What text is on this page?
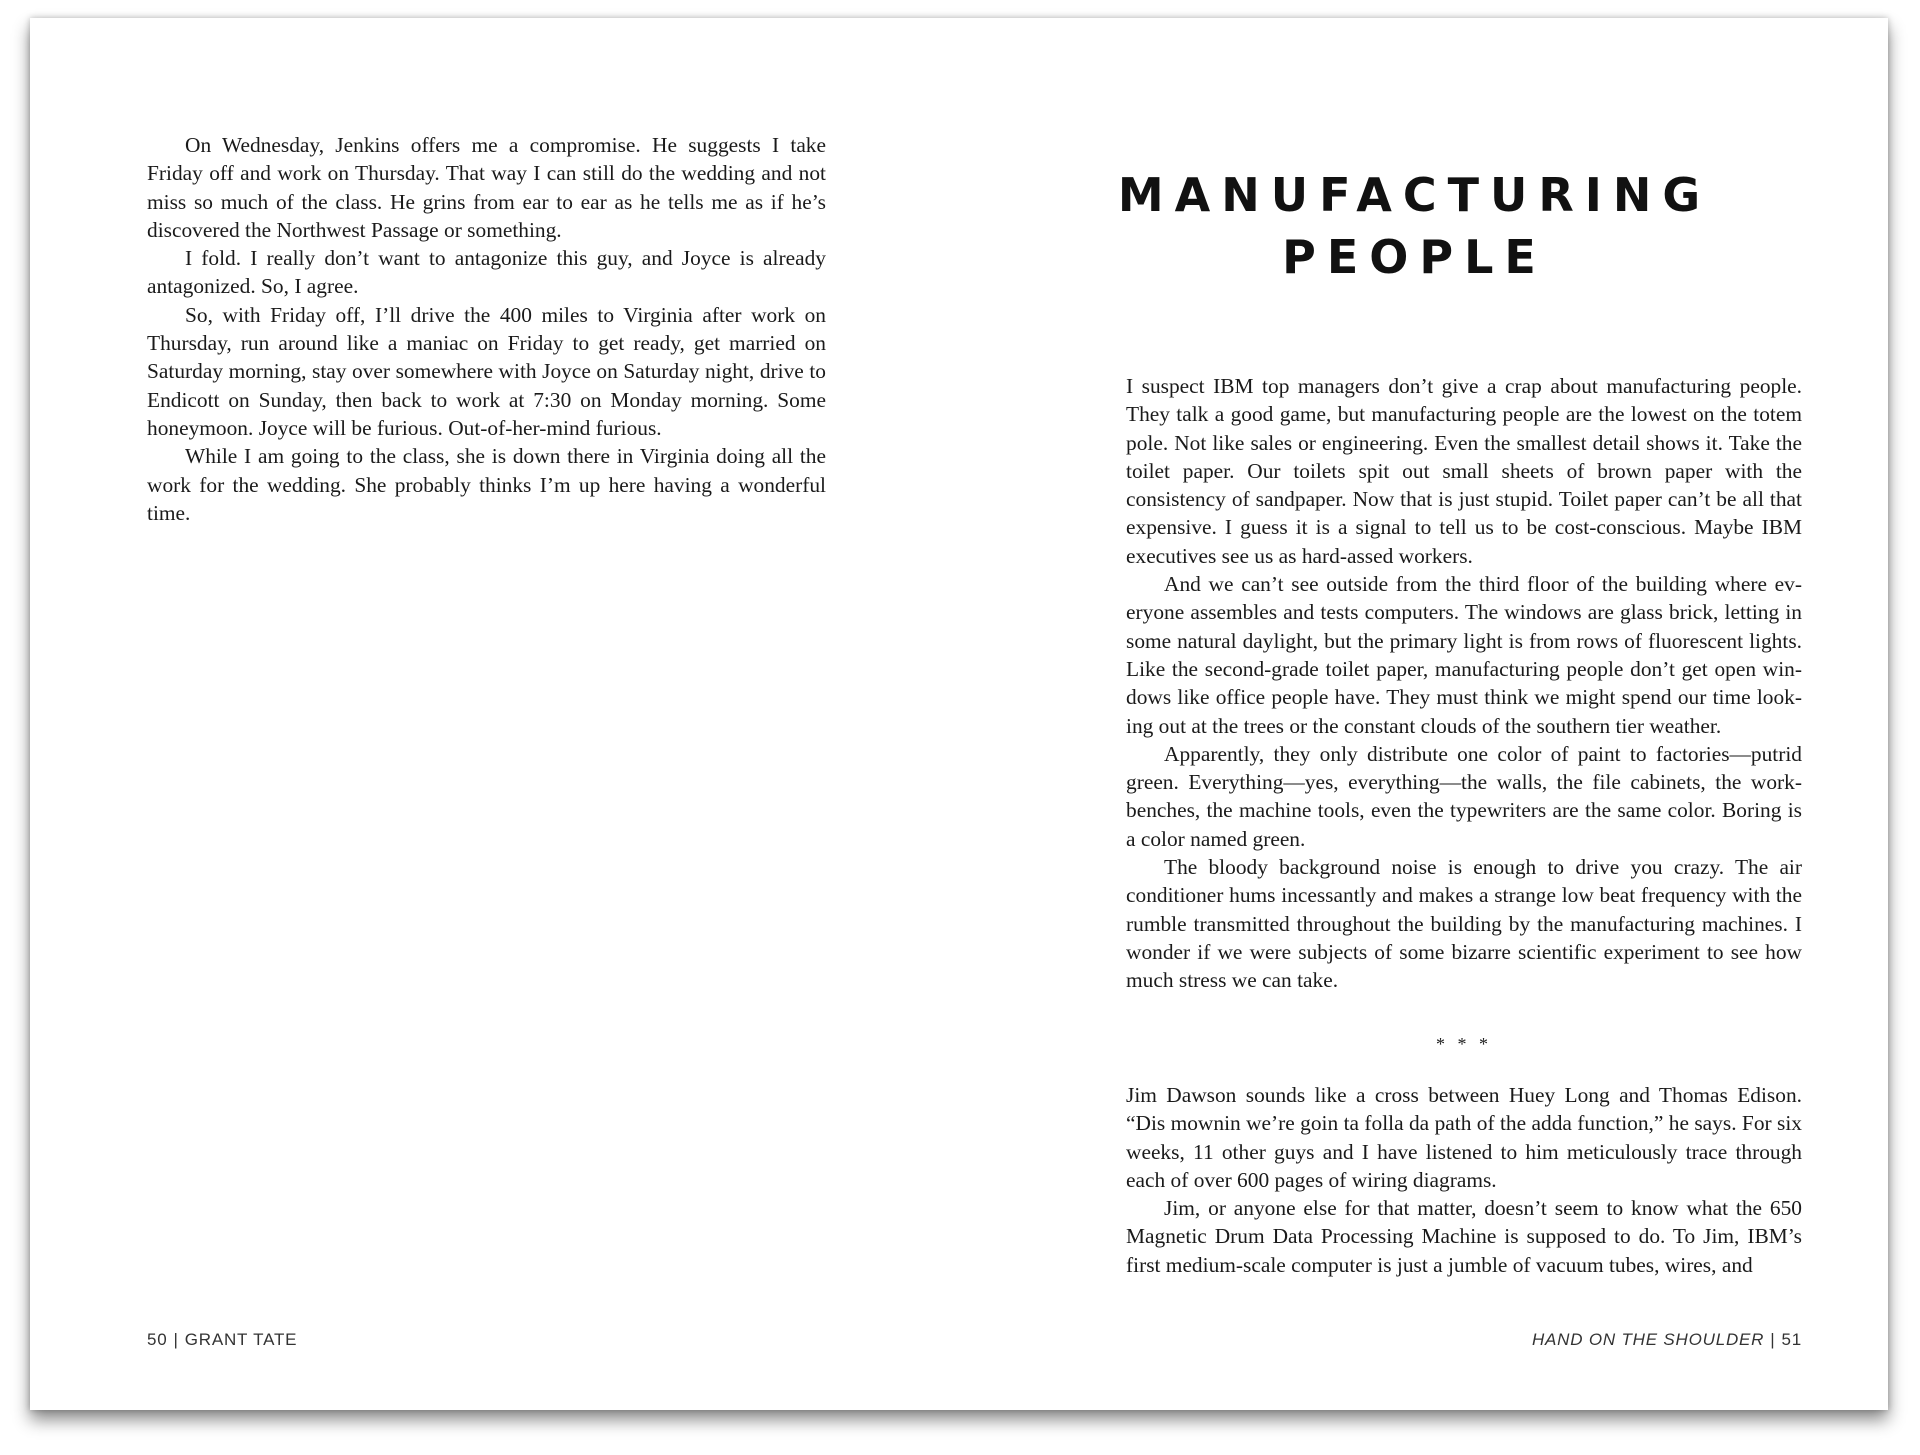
On Wednesday, Jenkins offers me a compromise. He suggests I take Friday off and work on Thursday. That way I can still do the wedding and not miss so much of the class. He grins from ear to ear as he tells me as if he’s discovered the Northwest Passage or something.

I fold. I really don’t want to antagonize this guy, and Joyce is already antagonized. So, I agree.

So, with Friday off, I’ll drive the 400 miles to Virginia after work on Thursday, run around like a maniac on Friday to get ready, get married on Saturday morning, stay over somewhere with Joyce on Saturday night, drive to Endicott on Sunday, then back to work at 7:30 on Monday morning. Some honeymoon. Joyce will be furious. Out-of-her-mind furious.

While I am going to the class, she is down there in Virginia doing all the work for the wedding. She probably thinks I’m up here having a wonderful time.

50 | GRANT TATE
MANUFACTURING
PEOPLE

I suspect IBM top managers don’t give a crap about manufacturing people. They talk a good game, but manufacturing people are the lowest on the totem pole. Not like sales or engineering. Even the smallest detail shows it. Take the toilet paper. Our toilets spit out small sheets of brown paper with the consistency of sandpaper. Now that is just stupid. Toilet paper can’t be all that expensive. I guess it is a signal to tell us to be cost-conscious. Maybe IBM executives see us as hard-assed workers.

And we can’t see outside from the third floor of the building where everyone assembles and tests computers. The windows are glass brick, letting in some natural daylight, but the primary light is from rows of fluorescent lights. Like the second-grade toilet paper, manufacturing people don’t get open windows like office people have. They must think we might spend our time looking out at the trees or the constant clouds of the southern tier weather.

Apparently, they only distribute one color of paint to factories—putrid green. Everything—yes, everything—the walls, the file cabinets, the work-benches, the machine tools, even the typewriters are the same color. Boring is a color named green.

The bloody background noise is enough to drive you crazy. The air conditioner hums incessantly and makes a strange low beat frequency with the rumble transmitted throughout the building by the manufacturing machines. I wonder if we were subjects of some bizarre scientific experiment to see how much stress we can take.

* * *

Jim Dawson sounds like a cross between Huey Long and Thomas Edison. “Dis mownin we’re goin ta folla da path of the adda function,” he says. For six weeks, 11 other guys and I have listened to him meticulously trace through each of over 600 pages of wiring diagrams.

Jim, or anyone else for that matter, doesn’t seem to know what the 650 Magnetic Drum Data Processing Machine is supposed to do. To Jim, IBM’s first medium-scale computer is just a jumble of vacuum tubes, wires, and

HAND ON THE SHOULDER | 51
